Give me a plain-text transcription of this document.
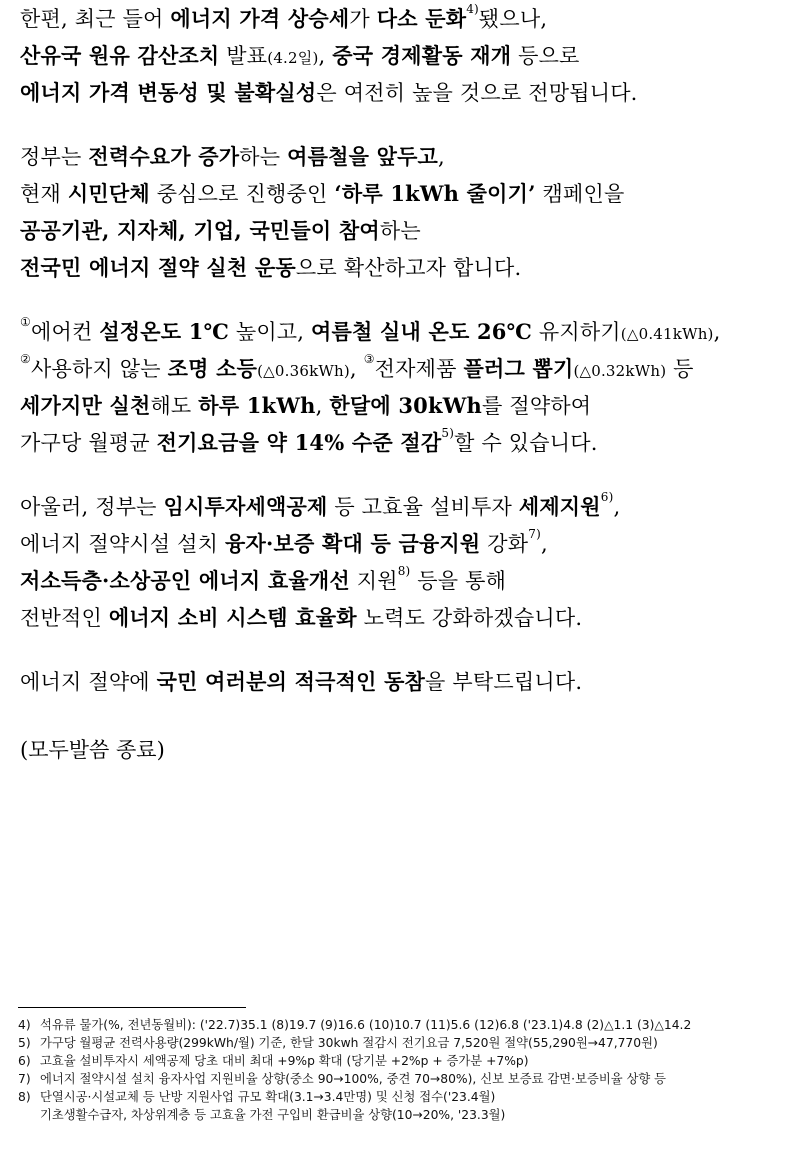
한편, 최근 들어 에너지 가격 상승세가 다소 둔화$^{4)}$됐으나,
산유국 원유 감산조치 발표(4.2일), 중국 경제활동 재개 등으로
에너지 가격 변동성 및 불확실성은 여전히 높을 것으로 전망됩니다.
정부는 전력수요가 증가하는 여름철을 앞두고,
현재 시민단체 중심으로 진행중인 ‘하루 1kWh 줄이기’ 캠페인을
공공기관, 지자체, 기업, 국민들이 참여하는
전국민 에너지 절약 실천 운동으로 확산하고자 합니다.
①에어컨 설정온도 1℃ 높이고, 여름철 실내 온도 26℃ 유지하기(△0.41kWh),
②사용하지 않는 조명 소등(△0.36kWh), ③전자제품 플러그 뽑기(△0.32kWh) 등
세가지만 실천해도 하루 1kWh, 한달에 30kWh를 절약하여
가구당 월평균 전기요금을 약 14% 수준 절감$^{5)}$할 수 있습니다.
아울러, 정부는 임시투자세액공제 등 고효율 설비투자 세제지원$^{6)}$,
에너지 절약시설 설치 융자·보증 확대 등 금융지원 강화$^{7)}$,
저소득층·소상공인 에너지 효율개선 지원$^{8)}$ 등을 통해
전반적인 에너지 소비 시스템 효율화 노력도 강화하겠습니다.
에너지 절약에 국민 여러분의 적극적인 동참을 부탁드립니다.
(모두발씀 종료)
4) 석유류 물가(%, 전년동월비): ('22.7)35.1 (8)19.7 (9)16.6 (10)10.7 (11)5.6 (12)6.8 ('23.1)4.8 (2)△1.1 (3)△14.2
5) 가구당 월평균 전력사용량(299kWh/월) 기준, 한달 30kwh 절감시 전기요금 7,520원 절약(55,290원→47,770원)
6) 고효율 설비투자시 세액공제 당초 대비 최대 +9%p 확대 (당기분 +2%p + 증가분 +7%p)
7) 에너지 절약시설 설치 융자사업 지원비율 상향(중소 90→100%, 중견 70→80%), 신보 보증료 감면·보증비율 상향 등
8) 단열시공·시설교체 등 난방 지원사업 규모 확대(3.1→3.4만명) 및 신청 접수('23.4월)
기초생활수급자, 차상위계층 등 고효율 가전 구입비 환급비율 상향(10→20%, '23.3월)
